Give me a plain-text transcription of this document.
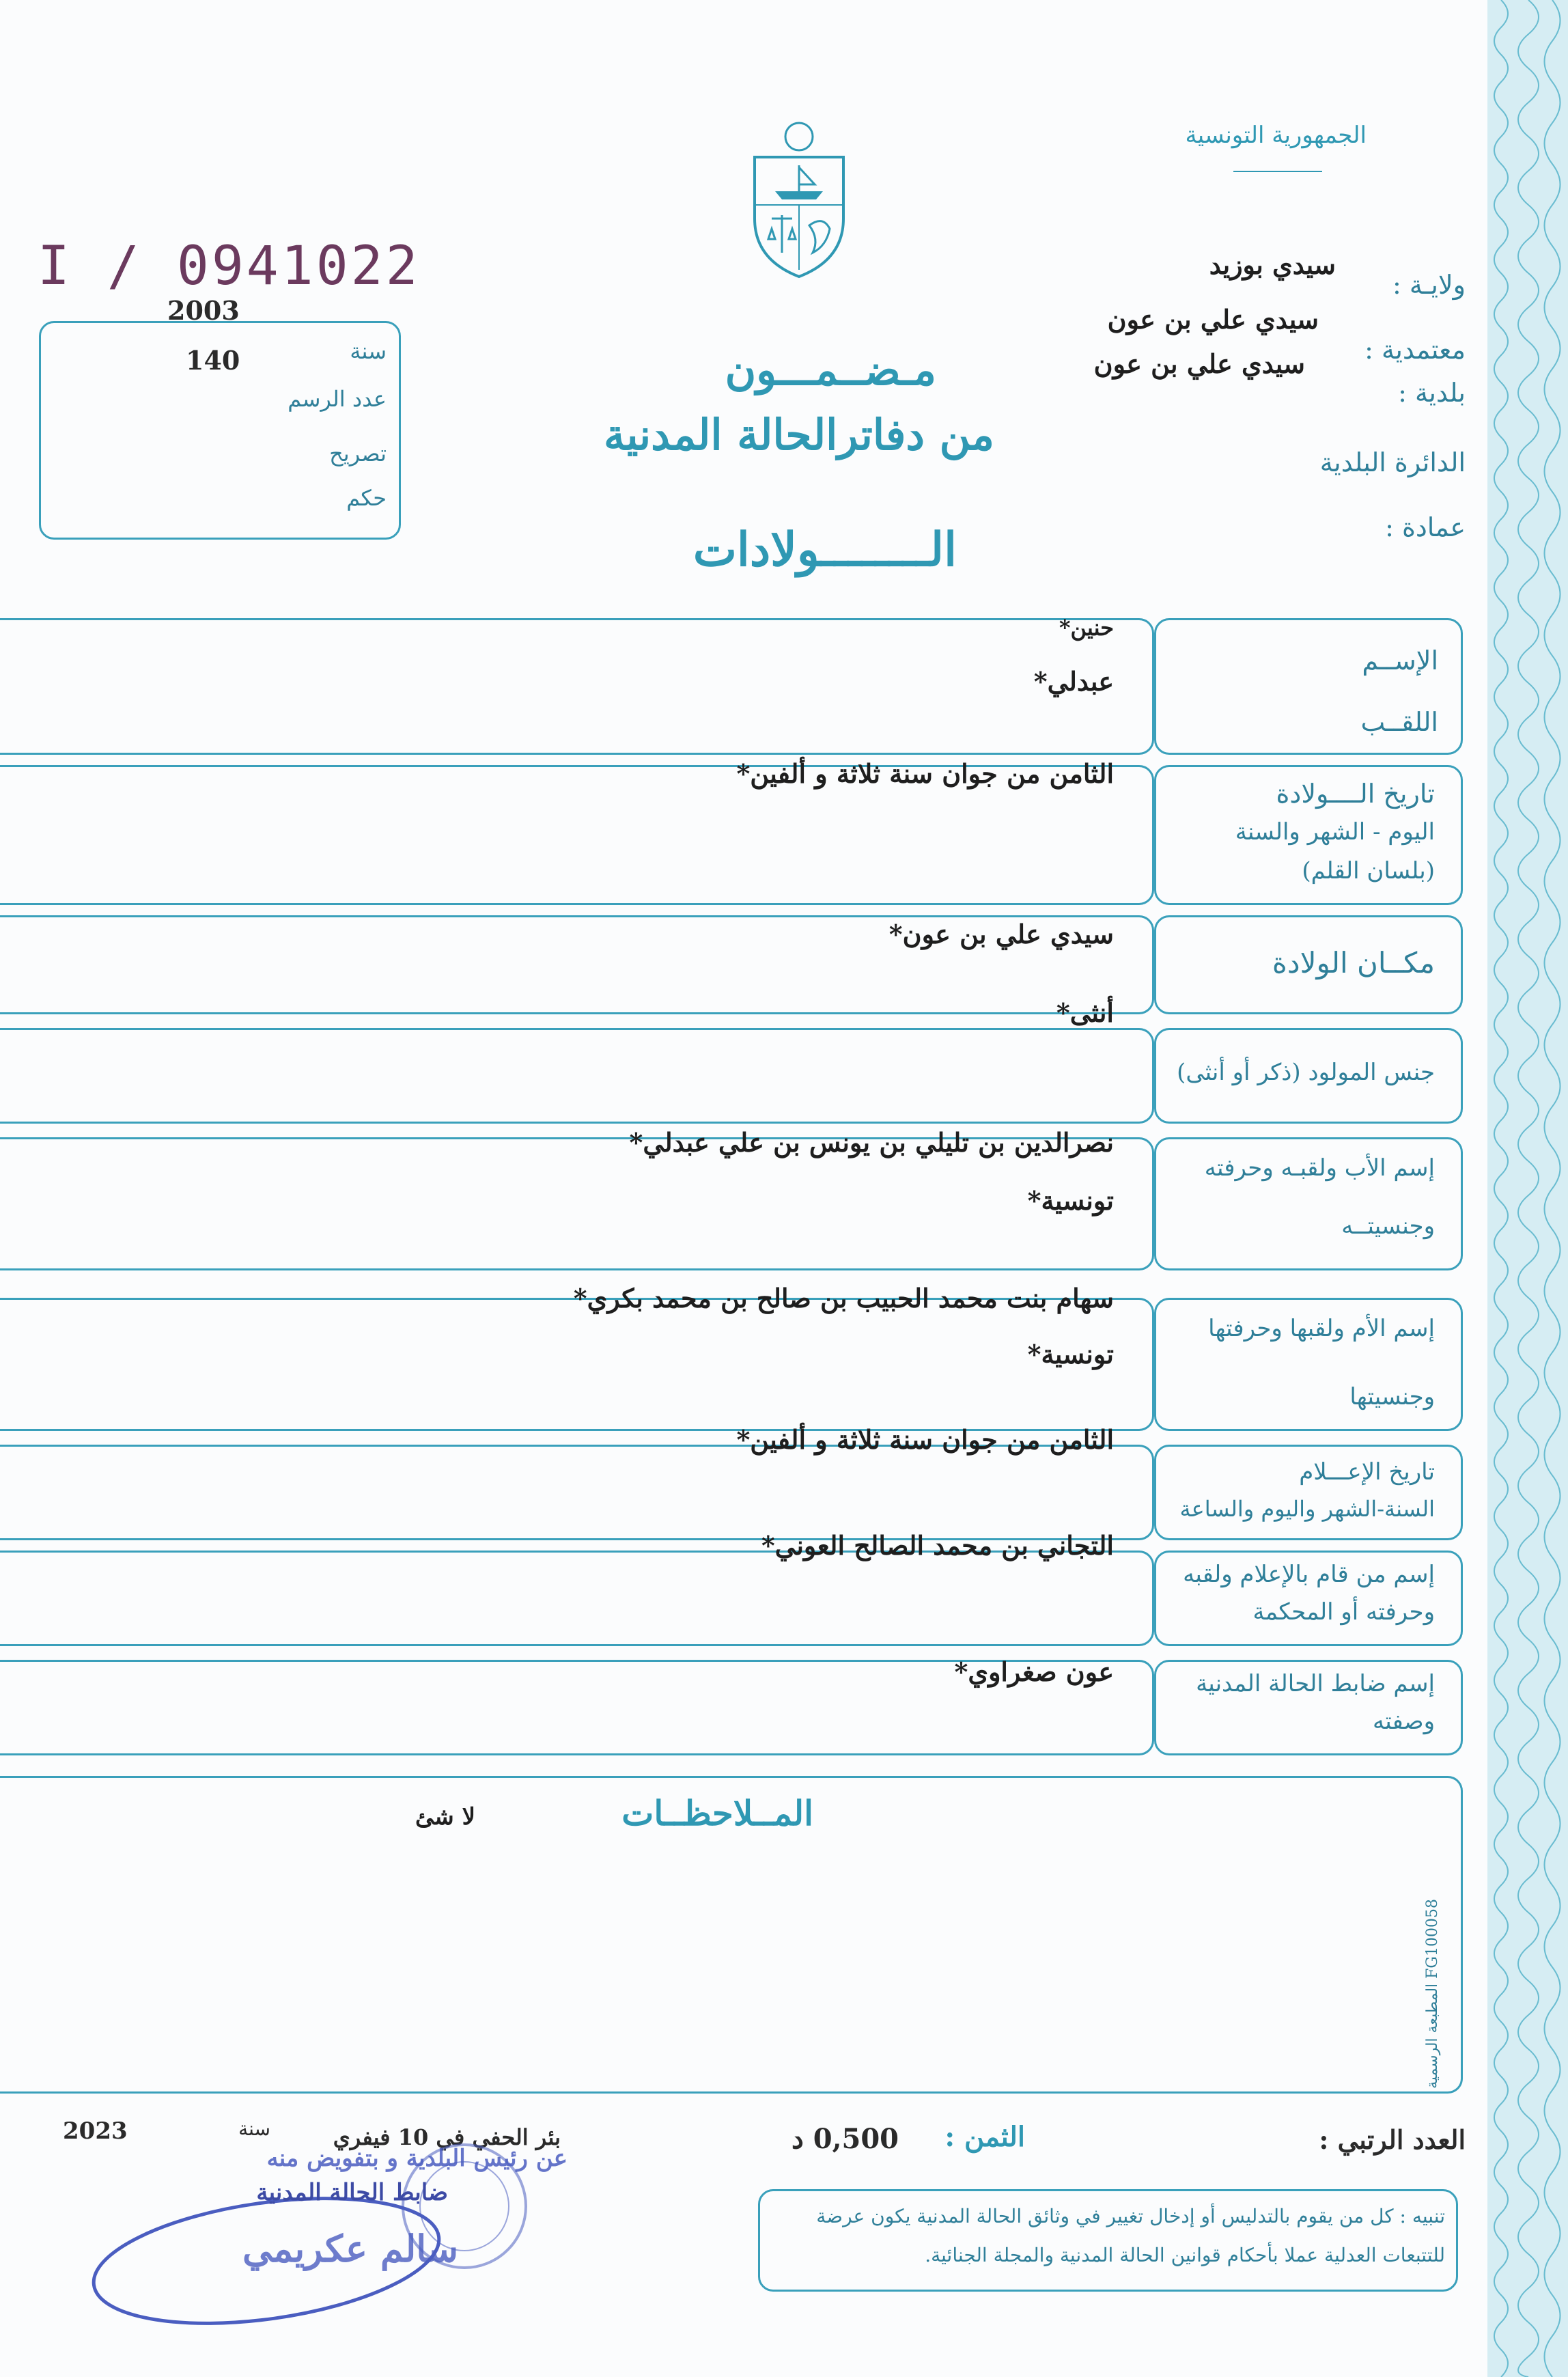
الجمهورية التونسية
I / 0941022
2003
140	سنة
عدد الرسم
تصريح
حكم
ولايـة :
سيدي بوزيد
سيدي علي بن عون
معتمدية :
سيدي علي بن عون
بلدية :
الدائرة البلدية
عمادة :
مـضــمـــون
من دفاترالحالة المدنية
الــــــــولادات
الإســم
اللقــب
حنين*
عبدلي*
تاريخ الــــولادة
اليوم - الشهر والسنة
(بلسان القلم)
الثامن من جوان سنة ثلاثة و ألفين*
مكــان الولادة
سيدي علي بن عون*
جنس المولود (ذكر أو أنثى)
أنثى*
إسم الأب ولقبـه وحرفته
وجنسيتــه
نصرالدين بن تليلي بن يونس بن علي عبدلي*
تونسية*
إسم الأم ولقبها وحرفتها
وجنسيتها
سهام بنت محمد الحبيب بن صالح بن محمد بكري*
تونسية*
تاريخ الإعـــلام
السنة-الشهر واليوم والساعة
الثامن من جوان سنة ثلاثة و ألفين*
إسم من قام بالإعلام ولقبه
وحرفته أو المحكمة
التجاني بن محمد الصالح العوني*
إسم ضابط الحالة المدنية
وصفته
عون صغراوي*
المــلاحظــات
لا شئ
المطبعة الرسمية FG100058
العدد الرتبي :
الثمن :
0,500 د
بئر الحفي في 10 فيفري
سنة
2023
عن رئيس البلدية و بتفويض منه
ضابط الحالة المدنية
سالم عكريمي
تنبيه : كل من يقوم بالتدليس أو إدخال تغيير في وثائق الحالة المدنية يكون عرضة
للتتبعات العدلية عملا بأحكام قوانين الحالة المدنية والمجلة الجنائية.
